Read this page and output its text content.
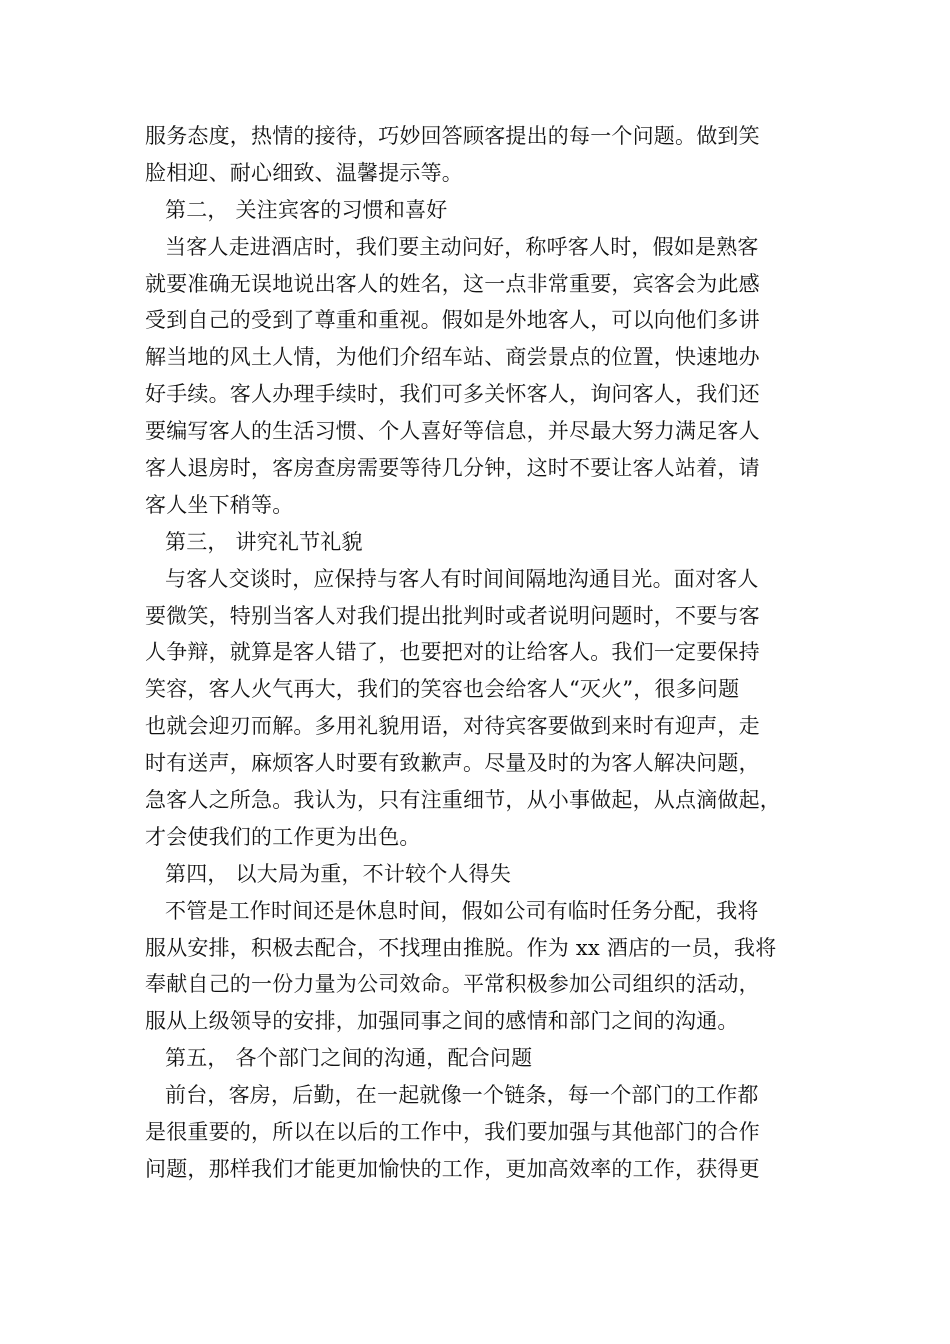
服务态度，热情的接待，巧妙回答顾客提出的每一个问题。做到笑
脸相迎、耐心细致、温馨提示等。
第二， 关注宾客的习惯和喜好
当客人走进酒店时，我们要主动问好，称呼客人时，假如是熟客
就要准确无误地说出客人的姓名，这一点非常重要，宾客会为此感
受到自己的受到了尊重和重视。假如是外地客人，可以向他们多讲
解当地的风土人情，为他们介绍车站、商尝景点的位置，快速地办
好手续。客人办理手续时，我们可多关怀客人，询问客人，我们还
要编写客人的生活习惯、个人喜好等信息，并尽最大努力满足客人
客人退房时，客房查房需要等待几分钟，这时不要让客人站着，请
客人坐下稍等。
第三， 讲究礼节礼貌
与客人交谈时，应保持与客人有时间间隔地沟通目光。面对客人
要微笑，特别当客人对我们提出批判时或者说明问题时，不要与客
人争辩，就算是客人错了，也要把对的让给客人。我们一定要保持
笑容，客人火气再大，我们的笑容也会给客人“灭火”，很多问题
也就会迎刃而解。多用礼貌用语，对待宾客要做到来时有迎声，走
时有送声，麻烦客人时要有致歉声。尽量及时的为客人解决问题，
急客人之所急。我认为，只有注重细节，从小事做起，从点滴做起，
才会使我们的工作更为出色。
第四， 以大局为重，不计较个人得失
不管是工作时间还是休息时间，假如公司有临时任务分配，我将
服从安排，积极去配合，不找理由推脱。作为 xx 酒店的一员，我将
奉献自己的一份力量为公司效命。平常积极参加公司组织的活动，
服从上级领导的安排，加强同事之间的感情和部门之间的沟通。
第五， 各个部门之间的沟通，配合问题
前台，客房，后勤，在一起就像一个链条，每一个部门的工作都
是很重要的，所以在以后的工作中，我们要加强与其他部门的合作
问题，那样我们才能更加愉快的工作，更加高效率的工作，获得更
